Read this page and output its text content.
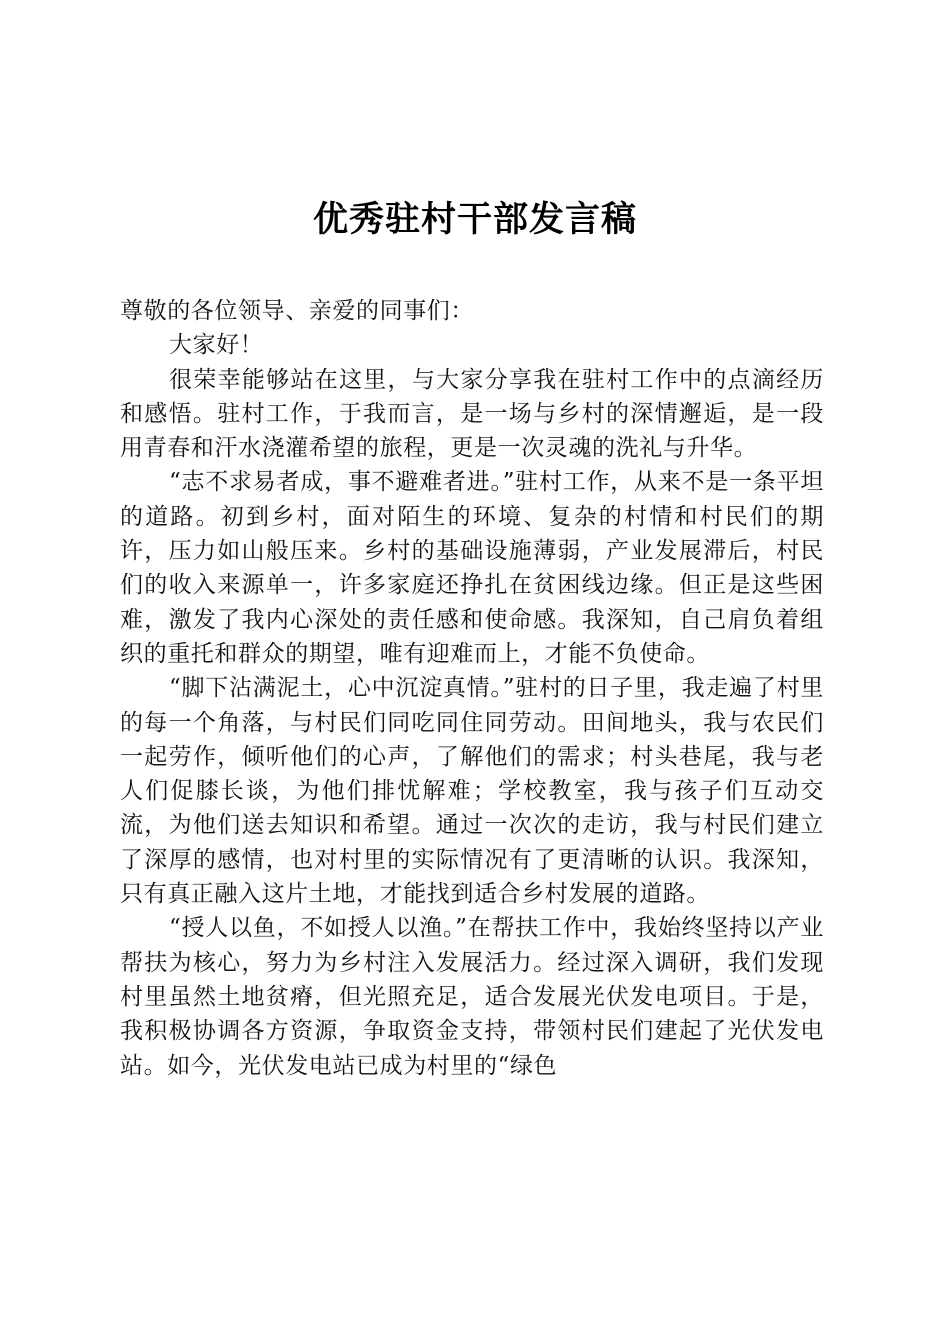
优秀驻村干部发言稿

尊敬的各位领导、亲爱的同事们：

大家好！

很荣幸能够站在这里，与大家分享我在驻村工作中的点滴经历和感悟。驻村工作，于我而言，是一场与乡村的深情邂逅，是一段用青春和汗水浇灌希望的旅程，更是一次灵魂的洗礼与升华。

“志不求易者成，事不避难者进。”驻村工作，从来不是一条平坦的道路。初到乡村，面对陌生的环境、复杂的村情和村民们的期许，压力如山般压来。乡村的基础设施薄弱，产业发展滞后，村民们的收入来源单一，许多家庭还挣扎在贫困线边缘。但正是这些困难，激发了我内心深处的责任感和使命感。我深知，自己肩负着组织的重托和群众的期望，唯有迎难而上，才能不负使命。

“脚下沾满泥土，心中沉淀真情。”驻村的日子里，我走遍了村里的每一个角落，与村民们同吃同住同劳动。田间地头，我与农民们一起劳作，倾听他们的心声，了解他们的需求；村头巷尾，我与老人们促膝长谈，为他们排忧解难；学校教室，我与孩子们互动交流，为他们送去知识和希望。通过一次次的走访，我与村民们建立了深厚的感情，也对村里的实际情况有了更清晰的认识。我深知，只有真正融入这片土地，才能找到适合乡村发展的道路。

“授人以鱼，不如授人以渔。”在帮扶工作中，我始终坚持以产业帮扶为核心，努力为乡村注入发展活力。经过深入调研，我们发现村里虽然土地贫瘠，但光照充足，适合发展光伏发电项目。于是，我积极协调各方资源，争取资金支持，带领村民们建起了光伏发电站。如今，光伏发电站已成为村里的“绿色
